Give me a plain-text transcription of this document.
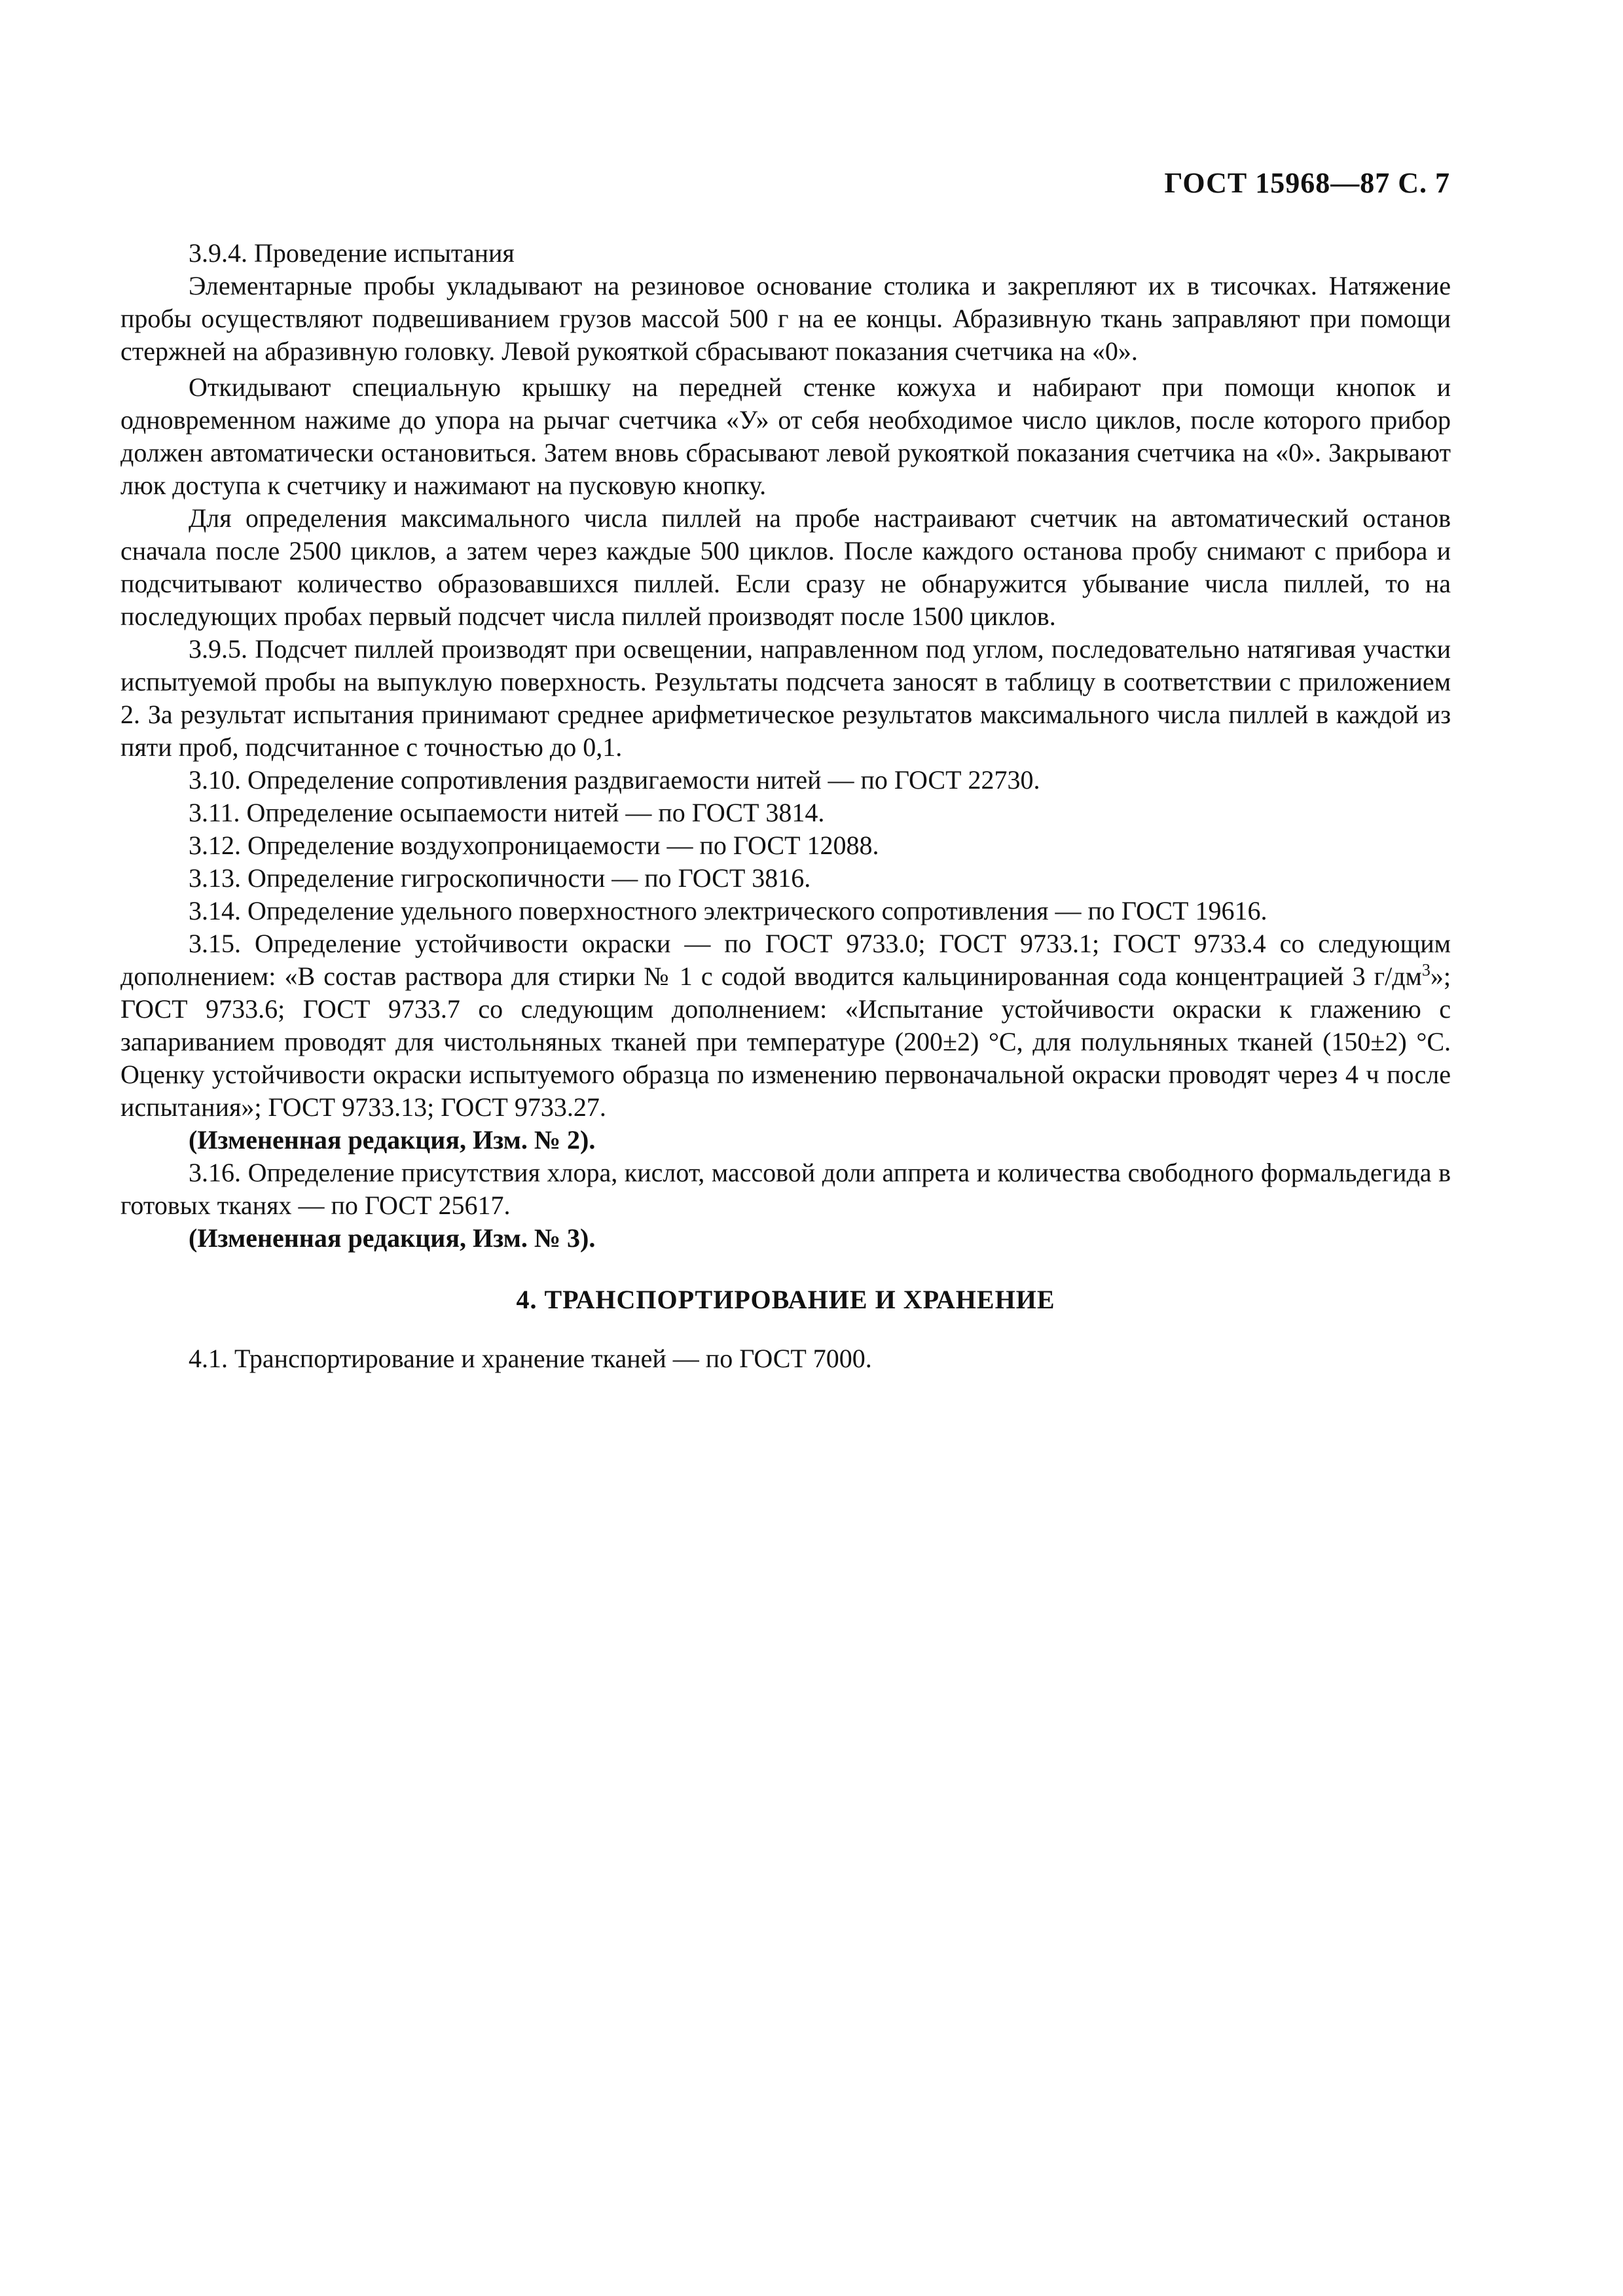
ГОСТ 15968—87 С. 7

3.9.4. Проведение испытания

Элементарные пробы укладывают на резиновое основание столика и закрепляют их в тисочках. Натяжение пробы осуществляют подвешиванием грузов массой 500 г на ее концы. Абразивную ткань заправляют при помощи стержней на абразивную головку. Левой рукояткой сбрасывают показания счетчика на «0».

Откидывают специальную крышку на передней стенке кожуха и набирают при помощи кнопок и одновременном нажиме до упора на рычаг счетчика «У» от себя необходимое число циклов, после которого прибор должен автоматически остановиться. Затем вновь сбрасывают левой рукояткой показания счетчика на «0». Закрывают люк доступа к счетчику и нажимают на пусковую кнопку.

Для определения максимального числа пиллей на пробе настраивают счетчик на автоматический останов сначала после 2500 циклов, а затем через каждые 500 циклов. После каждого останова пробу снимают с прибора и подсчитывают количество образовавшихся пиллей. Если сразу не обнаружится убывание числа пиллей, то на последующих пробах первый подсчет числа пиллей производят после 1500 циклов.

3.9.5. Подсчет пиллей производят при освещении, направленном под углом, последовательно натягивая участки испытуемой пробы на выпуклую поверхность. Результаты подсчета заносят в таблицу в соответствии с приложением 2. За результат испытания принимают среднее арифметическое результатов максимального числа пиллей в каждой из пяти проб, подсчитанное с точностью до 0,1.

3.10. Определение сопротивления раздвигаемости нитей — по ГОСТ 22730.

3.11. Определение осыпаемости нитей — по ГОСТ 3814.

3.12. Определение воздухопроницаемости — по ГОСТ 12088.

3.13. Определение гигроскопичности — по ГОСТ 3816.

3.14. Определение удельного поверхностного электрического сопротивления — по ГОСТ 19616.

3.15. Определение устойчивости окраски — по ГОСТ 9733.0; ГОСТ 9733.1; ГОСТ 9733.4 со следующим дополнением: «В состав раствора для стирки № 1 с содой вводится кальцинированная сода концентрацией 3 $г/дм^3$»; ГОСТ 9733.6; ГОСТ 9733.7 со следующим дополнением: «Испытание устойчивости окраски к глажению с запариванием проводят для чистольняных тканей при температуре (200±2) °С, для полульняных тканей (150±2) °С. Оценку устойчивости окраски испытуемого образца по изменению первоначальной окраски проводят через 4 ч после испытания»; ГОСТ 9733.13; ГОСТ 9733.27.

(Измененная редакция, Изм. № 2).

3.16. Определение присутствия хлора, кислот, массовой доли аппрета и количества свободного формальдегида в готовых тканях — по ГОСТ 25617.

(Измененная редакция, Изм. № 3).

4. ТРАНСПОРТИРОВАНИЕ И ХРАНЕНИЕ

4.1. Транспортирование и хранение тканей — по ГОСТ 7000.
